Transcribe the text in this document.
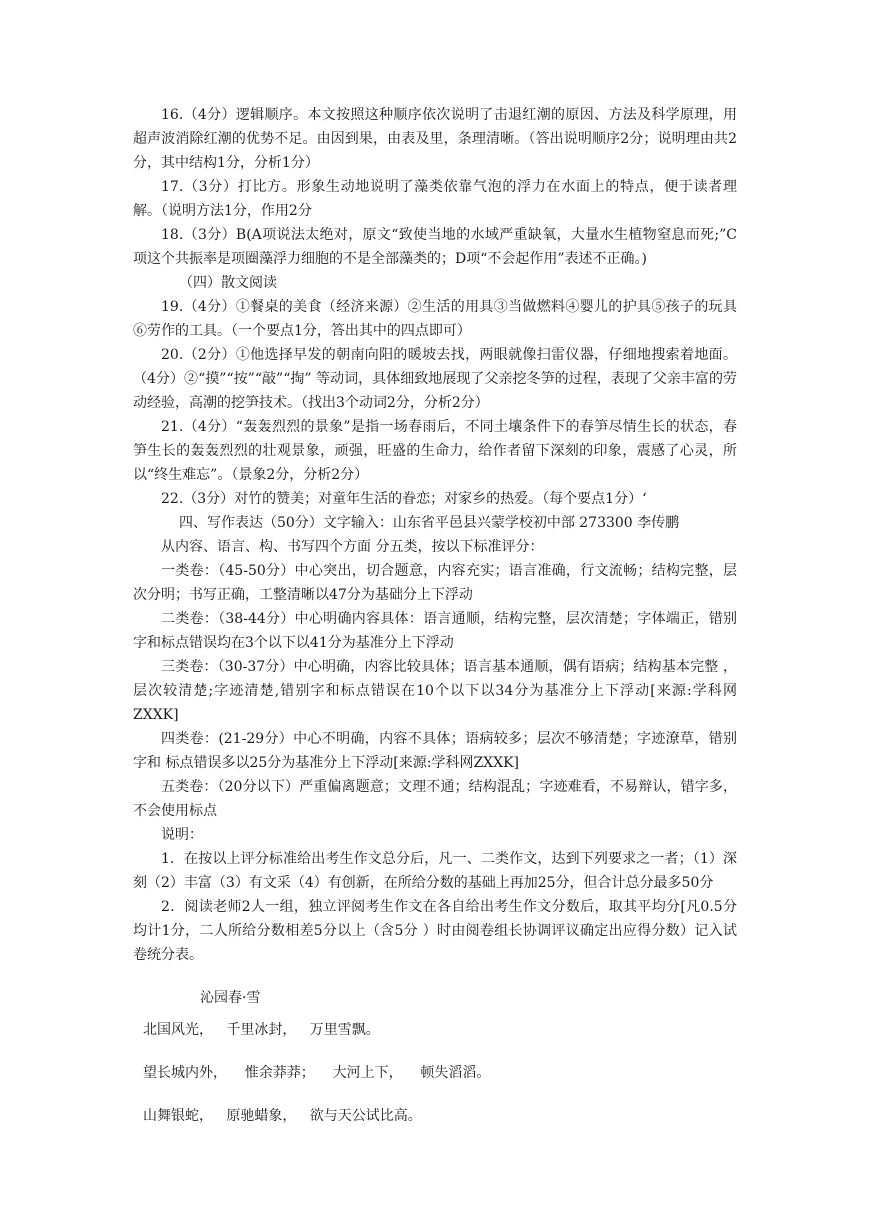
16.（4分）逻辑顺序。本文按照这种顺序依次说明了击退红潮的原因、方法及科学原理，用超声波消除红潮的优势不足。由因到果，由表及里，条理清晰。（答出说明顺序2分；说明理由共2分，其中结构1分，分析1分）

17.（3分）打比方。形象生动地说明了藻类依靠气泡的浮力在水面上的特点，便于读者理解。（说明方法1分，作用2分

18.（3分）B(A项说法太绝对，原文“致使当地的水域严重缺氧，大量水生植物窒息而死;”C项这个共振率是项圈藻浮力细胞的不是全部藻类的；D项“不会起作用”表述不正确。)

（四）散文阅读

19.（4分）①餐桌的美食（经济来源）②生活的用具③当做燃料④婴儿的护具⑤孩子的玩具⑥劳作的工具。（一个要点1分，答出其中的四点即可）

20.（2分）①他选择早发的朝南向阳的暖坡去找，两眼就像扫雷仪器，仔细地搜索着地面。（4分）②“摸”“按”“敲”“掏” 等动词，具体细致地展现了父亲挖冬笋的过程，表现了父亲丰富的劳动经验，高潮的挖笋技术。（找出3个动词2分，分析2分）

21.（4分）“轰轰烈烈的景象”是指一场春雨后，不同土壤条件下的春笋尽情生长的状态，春笋生长的轰轰烈烈的壮观景象，顽强，旺盛的生命力，给作者留下深刻的印象，震感了心灵，所以“终生难忘”。（景象2分，分析2分）

22.（3分）对竹的赞美；对童年生活的眷恋；对家乡的热爱。（每个要点1分）‘

四、写作表达（50分）文字输入：山东省平邑县兴蒙学校初中部 273300 李传鹏

从内容、语言、构、书写四个方面 分五类，按以下标准评分：

一类卷：（45-50分）中心突出，切合题意，内容充实；语言准确，行文流畅；结构完整，层次分明；书写正确，工整清晰以47分为基础分上下浮动

二类卷：（38-44分）中心明确内容具体：语言通顺，结构完整，层次清楚；字体端正，错别字和标点错误均在3个以下以41分为基准分上下浮动

三类卷：（30-37分）中心明确，内容比较具体；语言基本通顺，偶有语病；结构基本完整 ，层次较清楚;字迹清楚,错别字和标点错误在10个以下以34分为基准分上下浮动[来源:学科网ZXXK]

四类卷：(21-29分）中心不明确，内容不具体；语病较多；层次不够清楚；字迹潦草，错别字和 标点错误多以25分为基准分上下浮动[来源:学科网ZXXK]

五类卷：（20分以下）严重偏离题意；文理不通；结构混乱；字迹难看，不易辩认，错字多，不会使用标点

说明：

1．在按以上评分标准给出考生作文总分后，凡一、二类作文，达到下列要求之一者；（1）深刻（2）丰富（3）有文采（4）有创新，在所给分数的基础上再加25分，但合计总分最多50分

2．阅读老师2人一组，独立评阅考生作文在各自给出考生作文分数后，取其平均分[凡0.5分均计1分，二人所给分数相差5分以上（含5分 ）时由阅卷组长协调评议确定出应得分数）记入试卷统分表。

沁园春·雪

北国风光，   千里冰封，   万里雪飘。

望长城内外，    惟余莽莽；    大河上下，    顿失滔滔。

山舞银蛇，   原驰蜡象，   欲与天公试比高。
